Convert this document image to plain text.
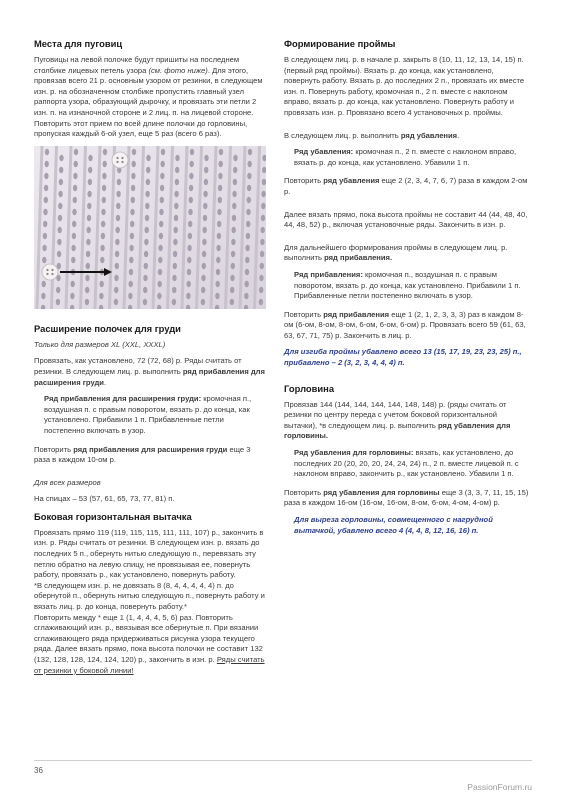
Места для пуговиц

Пуговицы на левой полочке будут пришиты на последнем столбике лицевых петель узора (см. фото ниже). Для этого, провязав всего 21 р. основным узором от резинки, в следующем изн. р. на обозначенном столбике пропустить главный узел раппорта узора, образующий дырочку, и провязать эти петли 2 изн. п. на изнаночной стороне и 2 лиц. п. на лицевой стороне. Повторить этот прием по всей длине полочки до горловины, пропуская каждый 6-ой узел, еще 5 раз (всего 6 раз).

Расширение полочек для груди

Только для размеров XL (XXL, XXXL)

Провязать, как установлено, 72 (72, 68) р. Ряды считать от резинки. В следующем лиц. р. выполнить ряд прибавления для расширения груди.

Ряд прибавления для расширения груди: кромочная п., воздушная п. с правым поворотом, вязать р. до конца, как установлено. Прибавили 1 п. Прибавленные петли постепенно включать в узор.

Повторить ряд прибавления для расширения груди еще 3 раза в каждом 10-ом р.

Для всех размеров

На спицах – 53 (57, 61, 65, 73, 77, 81) п.

Боковая горизонтальная вытачка

Провязать прямо 119 (119, 115, 115, 111, 111, 107) р., закончить в изн. р. Ряды считать от резинки. В следующем изн. р. вязать до последних 5 п., обернуть нитью следующую п., перевязать эту петлю обратно на левую спицу, не провязывая ее, повернуть работу, провязать р., как установлено, повернуть работу.

*В следующем изн. р. не довязать 8 (8, 4, 4, 4, 4, 4) п. до обернутой п., обернуть нитью следующую п., повернуть работу и вязать лиц. р. до конца, повернуть работу.*

Повторить между * еще 1 (1, 4, 4, 4, 5, 6) раз. Повторить сглаживающий изн. р., ввязывая все обернутые п. При вязании сглаживающего ряда придерживаться рисунка узора текущего ряда. Далее вязать прямо, пока высота полочки не составит 132 (132, 128, 128, 124, 124, 120) р., закончить в изн. р. Ряды считать от резинки у боковой линии!

Формирование проймы

В следующем лиц. р. в начале р. закрыть 8 (10, 11, 12, 13, 14, 15) п. (первый ряд проймы). Вязать р. до конца, как установлено, повернуть работу. Вязать р. до последних 2 п., провязать их вместе изн. п. Повернуть работу, кромочная п., 2 п. вместе с наклоном вправо, вязать р. до конца, как установлено. Повернуть работу и провязать изн. р. Провязано всего 4 установочных р. проймы.

В следующем лиц. р. выполнить ряд убавления.

Ряд убавления: кромочная п., 2 п. вместе с наклоном вправо, вязать р. до конца, как установлено. Убавили 1 п.

Повторить ряд убавления еще 2 (2, 3, 4, 7, 6, 7) раза в каждом 2-ом р.

Далее вязать прямо, пока высота проймы не составит 44 (44, 48, 40, 44, 48, 52) р., включая установочные ряды. Закончить в изн. р.

Для дальнейшего формирования проймы в следующем лиц. р. выполнить ряд прибавления.

Ряд прибавления: кромочная п., воздушная п. с правым поворотом, вязать р. до конца, как установлено. Прибавили 1 п. Прибавленные петли постепенно включать в узор.

Повторить ряд прибавления еще 1 (2, 1, 2, 3, 3, 3) раз в каждом 8-ом (6-ом, 8-ом, 8-ом, 6-ом, 6-ом, 6-ом) р. Провязать всего 59 (61, 63, 63, 67, 71, 75) р. Закончить в лиц. р.

Для изгиба проймы убавлено всего 13 (15, 17, 19, 23, 23, 25) п., прибавлено – 2 (3, 2, 3, 4, 4, 4) п.

Горловина

Провязав 144 (144, 144, 144, 144, 148, 148) р. (ряды считать от резинки по центру переда с учетом боковой горизонтальной вытачки), *в следующем лиц. р. выполнить ряд убавления для горловины.

Ряд убавления для горловины: вязать, как установлено, до последних 20 (20, 20, 20, 24, 24, 24) п., 2 п. вместе лицевой п. с наклоном вправо, закончить р., как установлено. Убавили 1 п.

Повторить ряд убавления для горловины еще 3 (3, 3, 7, 11, 15, 15) раза в каждом 16-ом (16-ом, 16-ом, 8-ом, 6-ом, 4-ом, 4-ом) р.

Для выреза горловины, совмещенного с нагрудной вытачкой, убавлено всего 4 (4, 4, 8, 12, 16, 16) п.

36
PassionForum.ru
